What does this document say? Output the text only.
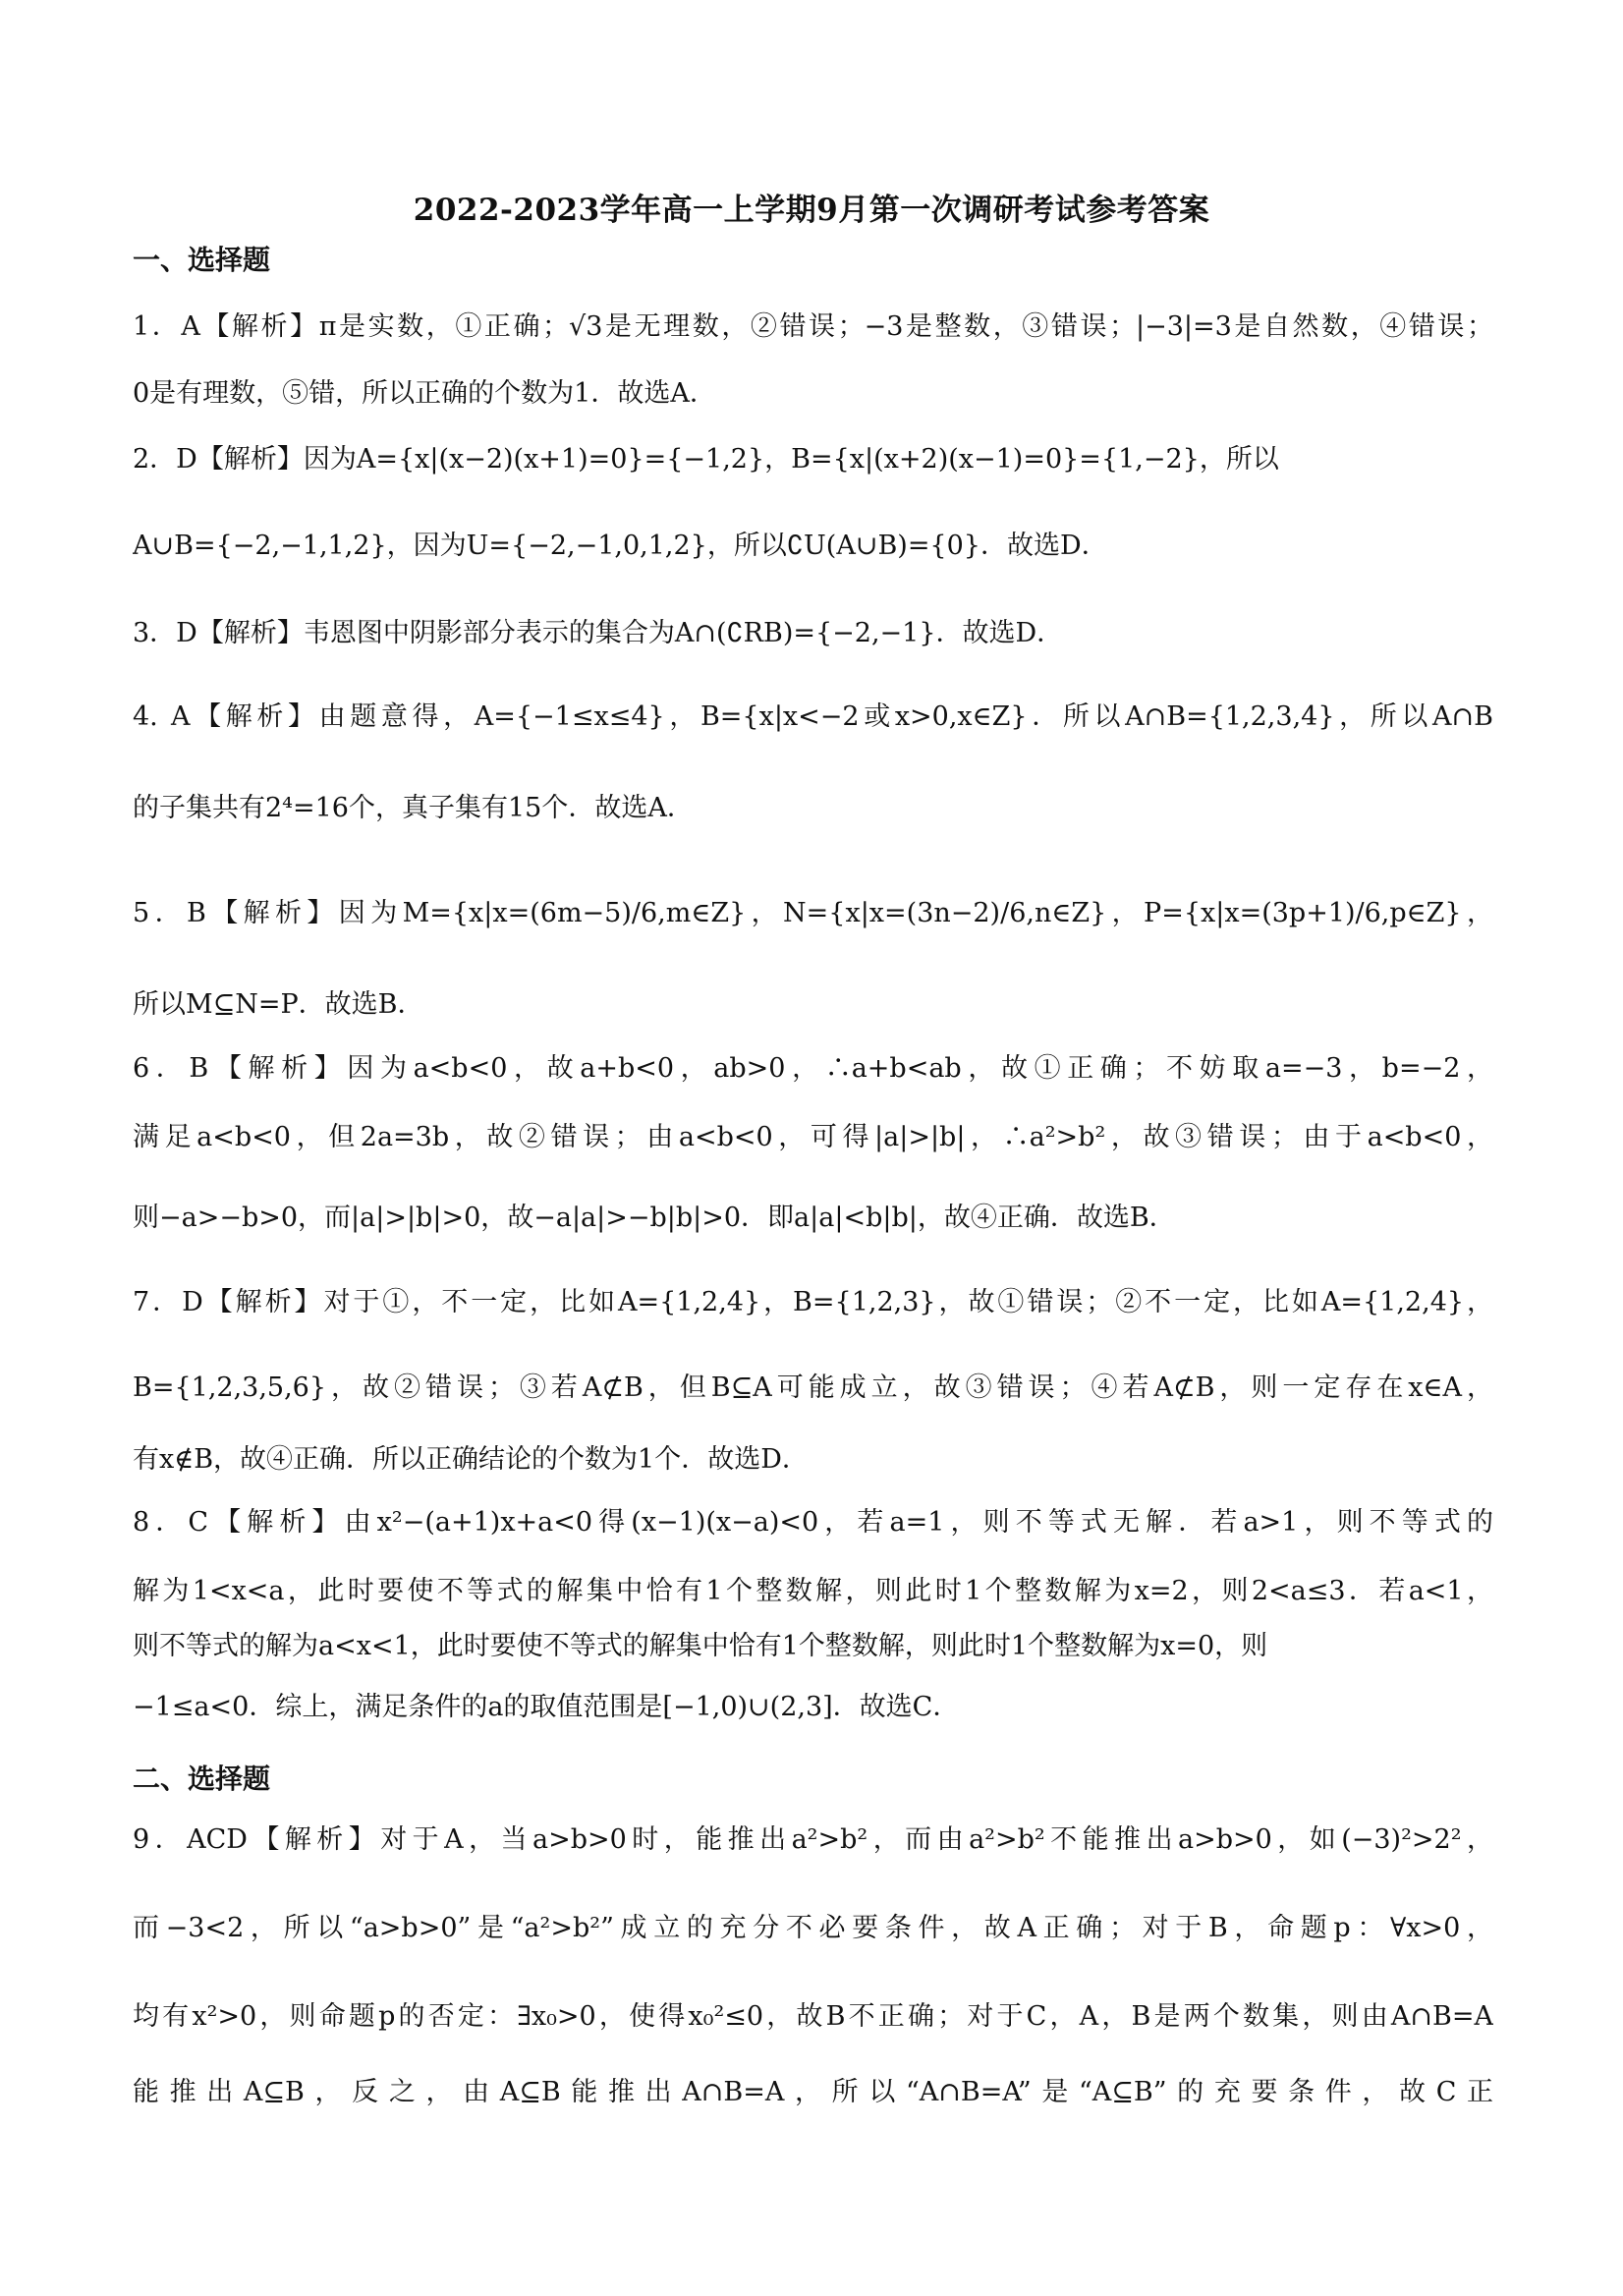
2022-2023学年高一上学期9月第一次调研考试参考答案
一、选择题
1．A【解析】π是实数，①正确；√3是无理数，②错误；−3是整数，③错误；|−3|=3是自然数，④错误；
0是有理数，⑤错，所以正确的个数为1．故选A．
2．D【解析】因为A={x|(x−2)(x+1)=0}={−1,2}，B={x|(x+2)(x−1)=0}={1,−2}，所以
A∪B={−2,−1,1,2}，因为U={−2,−1,0,1,2}，所以∁U(A∪B)={0}．故选D．
3．D【解析】韦恩图中阴影部分表示的集合为A∩(∁RB)={−2,−1}．故选D．
4. A【解析】由题意得，A={−1≤x≤4}，B={x|x<−2或x>0,x∈Z}．所以A∩B={1,2,3,4}，所以A∩B
的子集共有2⁴=16个，真子集有15个．故选A．
5．B【解析】因为M={x|x=(6m−5)/6,m∈Z}，N={x|x=(3n−2)/6,n∈Z}，P={x|x=(3p+1)/6,p∈Z}，
所以M⊆N=P．故选B．
6．B【解析】因为a<b<0，故a+b<0，ab>0，∴a+b<ab，故①正确；不妨取a=−3，b=−2，
满足a<b<0，但2a=3b，故②错误；由a<b<0，可得|a|>|b|，∴a²>b²，故③错误；由于a<b<0，
则−a>−b>0，而|a|>|b|>0，故−a|a|>−b|b|>0．即a|a|<b|b|，故④正确．故选B．
7．D【解析】对于①，不一定，比如A={1,2,4}，B={1,2,3}，故①错误；②不一定，比如A={1,2,4}，
B={1,2,3,5,6}，故②错误；③若A⊄B，但B⊆A可能成立，故③错误；④若A⊄B，则一定存在x∈A，
有x∉B，故④正确．所以正确结论的个数为1个．故选D．
8．C【解析】由x²−(a+1)x+a<0得(x−1)(x−a)<0，若a=1，则不等式无解．若a>1，则不等式的
解为1<x<a，此时要使不等式的解集中恰有1个整数解，则此时1个整数解为x=2，则2<a≤3．若a<1，
则不等式的解为a<x<1，此时要使不等式的解集中恰有1个整数解，则此时1个整数解为x=0，则
−1≤a<0．综上，满足条件的a的取值范围是[−1,0)∪(2,3]．故选C．
二、选择题
9．ACD【解析】对于A，当a>b>0时，能推出a²>b²，而由a²>b²不能推出a>b>0，如(−3)²>2²，
而−3<2，所以“a>b>0”是“a²>b²”成立的充分不必要条件，故A正确；对于B，命题p：∀x>0，
均有x²>0，则命题p的否定：∃x₀>0，使得x₀²≤0，故B不正确；对于C，A，B是两个数集，则由A∩B=A
能推出A⊆B，反之，由A⊆B能推出A∩B=A，所以“A∩B=A”是“A⊆B”的充要条件，故C正
